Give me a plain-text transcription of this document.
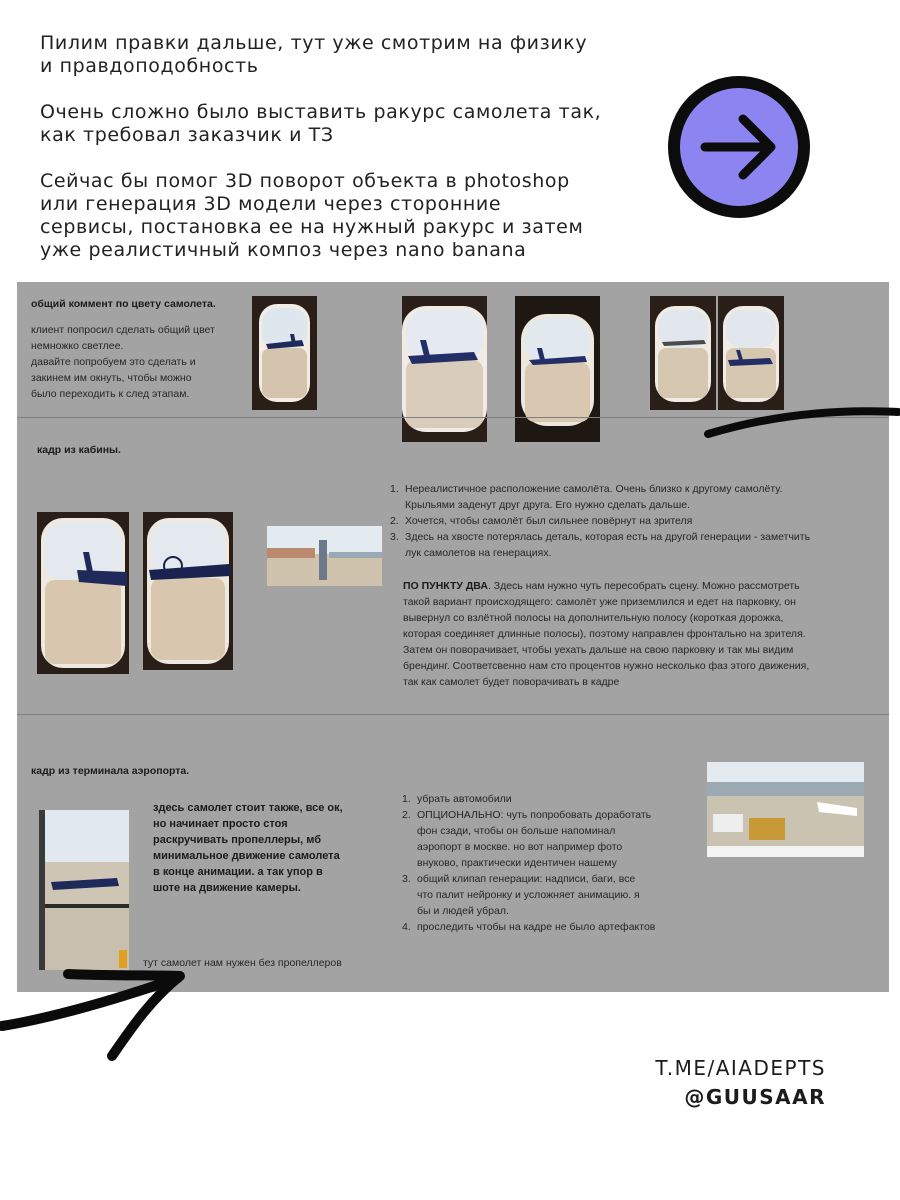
Пилим правки дальше, тут уже смотрим на физику
и правдоподобность

Очень сложно было выставить ракурс самолета так,
как требовал заказчик и ТЗ

Сейчас бы помог 3D поворот объекта в photoshop
или генерация 3D модели через сторонние
сервисы, постановка ее на нужный ракурс и затем
уже реалистичный композ через nano banana

общий коммент по цвету самолета.
клиент попросил сделать общий цвет
немножко светлее.
давайте попробуем это сделать и
закинем им окнуть, чтобы можно
было переходить к след этапам.
кадр из кабины.
1. Нереалистичное расположение самолёта. Очень близко к другому самолёту.
Крыльями заденут друг друга. Его нужно сделать дальше.
2. Хочется, чтобы самолёт был сильнее повёрнут на зрителя
3. Здесь на хвосте потерялась деталь, которая есть на другой генерации - заметчить
лук самолетов на генерациях.
ПО ПУНКТУ ДВА. Здесь нам нужно чуть пересобрать сцену. Можно рассмотреть
такой вариант происходящего: самолёт уже приземлился и едет на парковку, он
вывернул со взлётной полосы на дополнительную полосу (короткая дорожка,
которая соединяет длинные полосы), поэтому направлен фронтально на зрителя.
Затем он поворачивает, чтобы уехать дальше на свою парковку и так мы видим
брендинг. Соответсвенно нам сто процентов нужно несколько фаз этого движения,
так как самолет будет поворачивать в кадре
кадр из терминала аэропорта.
здесь самолет стоит также, все ок,
но начинает просто стоя
раскручивать пропеллеры, мб
минимальное движение самолета
в конце анимации. а так упор в
шоте на движение камеры.
тут самолет нам нужен без пропеллеров
1. убрать автомобили
2. ОПЦИОНАЛЬНО: чуть попробовать доработать
фон сзади, чтобы он больше напоминал
аэропорт в москве. но вот например фото
внуково, практически идентичен нашему
3. общий клипап генерации: надписи, баги, все
что палит нейронку и усложняет анимацию. я
бы и людей убрал.
4. проследить чтобы на кадре не было артефактов
T.ME/AIADEPTS
@GUUSAAR
